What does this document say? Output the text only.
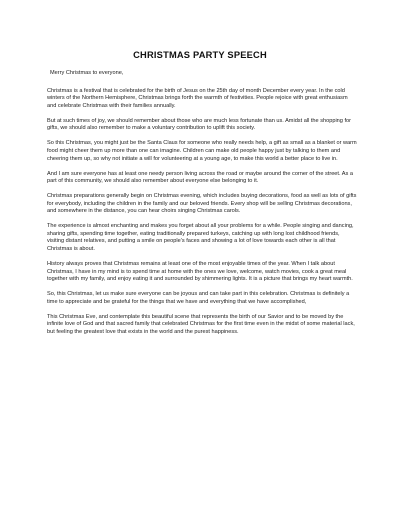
CHRISTMAS PARTY SPEECH

Merry Christmas to everyone,

Christmas is a festival that is celebrated for the birth of Jesus on the 25th day of month December every year. In the cold winters of the Northern Hemisphere, Christmas brings forth the warmth of festivities. People rejoice with great enthusiasm and celebrate Christmas with their families annually.

But at such times of joy, we should remember about those who are much less fortunate than us. Amidst all the shopping for gifts, we should also remember to make a voluntary contribution to uplift this society.

So this Christmas, you might just be the Santa Claus for someone who really needs help, a gift as small as a blanket or warm food might cheer them up more than one can imagine. Children can make old people happy just by talking to them and cheering them up, so why not initiate a will for volunteering at a young age, to make this world a better place to live in.

And I am sure everyone has at least one needy person living across the road or maybe around the corner of the street. As a part of this community, we should also remember about everyone else belonging to it.

Christmas preparations generally begin on Christmas evening, which includes buying decorations, food as well as lots of gifts for everybody, including the children in the family and our beloved friends. Every shop will be selling Christmas decorations, and somewhere in the distance, you can hear choirs singing Christmas carols.

The experience is almost enchanting and makes you forget about all your problems for a while. People singing and dancing, sharing gifts, spending time together, eating traditionally prepared turkeys, catching up with long lost childhood friends, visiting distant relatives, and putting a smile on people’s faces and showing a lot of love towards each other is all that Christmas is about.

History always proves that Christmas remains at least one of the most enjoyable times of the year. When I talk about Christmas, I have in my mind is to spend time at home with the ones we love, welcome, watch movies, cook a great meal together with my family, and enjoy eating it and surrounded by shimmering lights. It is a picture that brings my heart warmth.

So, this Christmas, let us make sure everyone can be joyous and can take part in this celebration. Christmas is definitely a time to appreciate and be grateful for the things that we have and everything that we have accomplished,

This Christmas Eve, and contemplate this beautiful scene that represents the birth of our Savior and to be moved by the infinite love of God and that sacred family that celebrated Christmas for the first time even in the midst of some material lack, but feeling the greatest love that exists in the world and the purest happiness.
